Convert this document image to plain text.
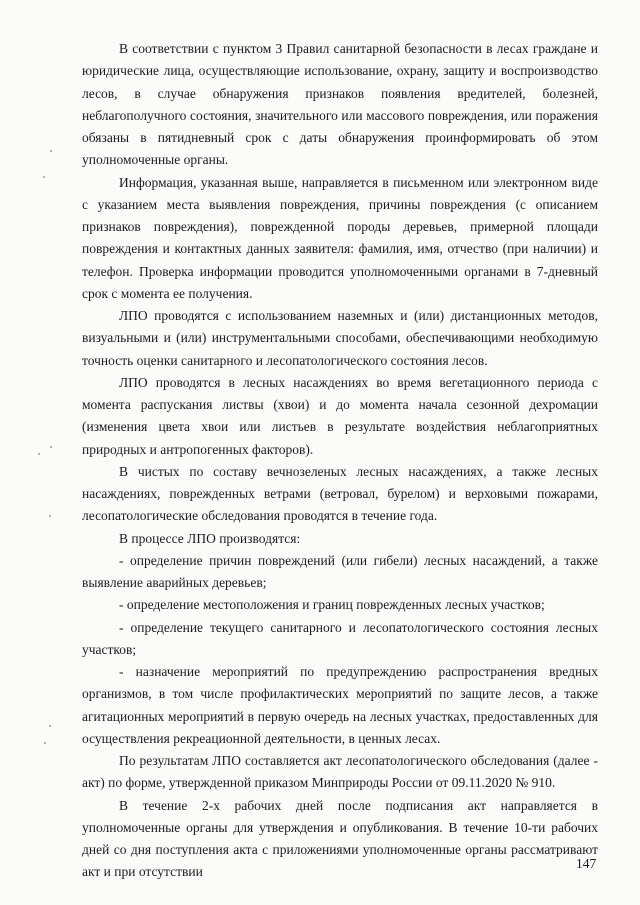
В соответствии с пунктом 3 Правил санитарной безопасности в лесах граждане и юридические лица, осуществляющие использование, охрану, защиту и воспроизводство лесов, в случае обнаружения признаков появления вредителей, болезней, неблагополучного состояния, значительного или массового повреждения, или поражения обязаны в пятидневный срок с даты обнаружения проинформировать об этом уполномоченные органы.

Информация, указанная выше, направляется в письменном или электронном виде с указанием места выявления повреждения, причины повреждения (с описанием признаков повреждения), поврежденной породы деревьев, примерной площади повреждения и контактных данных заявителя: фамилия, имя, отчество (при наличии) и телефон. Проверка информации проводится уполномоченными органами в 7-дневный срок с момента ее получения.

ЛПО проводятся с использованием наземных и (или) дистанционных методов, визуальными и (или) инструментальными способами, обеспечивающими необходимую точность оценки санитарного и лесопатологического состояния лесов.

ЛПО проводятся в лесных насаждениях во время вегетационного периода с момента распускания листвы (хвои) и до момента начала сезонной дехромации (изменения цвета хвои или листьев в результате воздействия неблагоприятных природных и антропогенных факторов).

В чистых по составу вечнозеленых лесных насаждениях, а также лесных насаждениях, поврежденных ветрами (ветровал, бурелом) и верховыми пожарами, лесопатологические обследования проводятся в течение года.

В процессе ЛПО производятся:

- определение причин повреждений (или гибели) лесных насаждений, а также выявление аварийных деревьев;

- определение местоположения и границ поврежденных лесных участков;

- определение текущего санитарного и лесопатологического состояния лесных участков;

- назначение мероприятий по предупреждению распространения вредных организмов, в том числе профилактических мероприятий по защите лесов, а также агитационных мероприятий в первую очередь на лесных участках, предоставленных для осуществления рекреационной деятельности, в ценных лесах.

По результатам ЛПО составляется акт лесопатологического обследования (далее - акт) по форме, утвержденной приказом Минприроды России от 09.11.2020 № 910.

В течение 2-х рабочих дней после подписания акт направляется в уполномоченные органы для утверждения и опубликования. В течение 10-ти рабочих дней со дня поступления акта с приложениями уполномоченные органы рассматривают акт и при отсутствии

147
